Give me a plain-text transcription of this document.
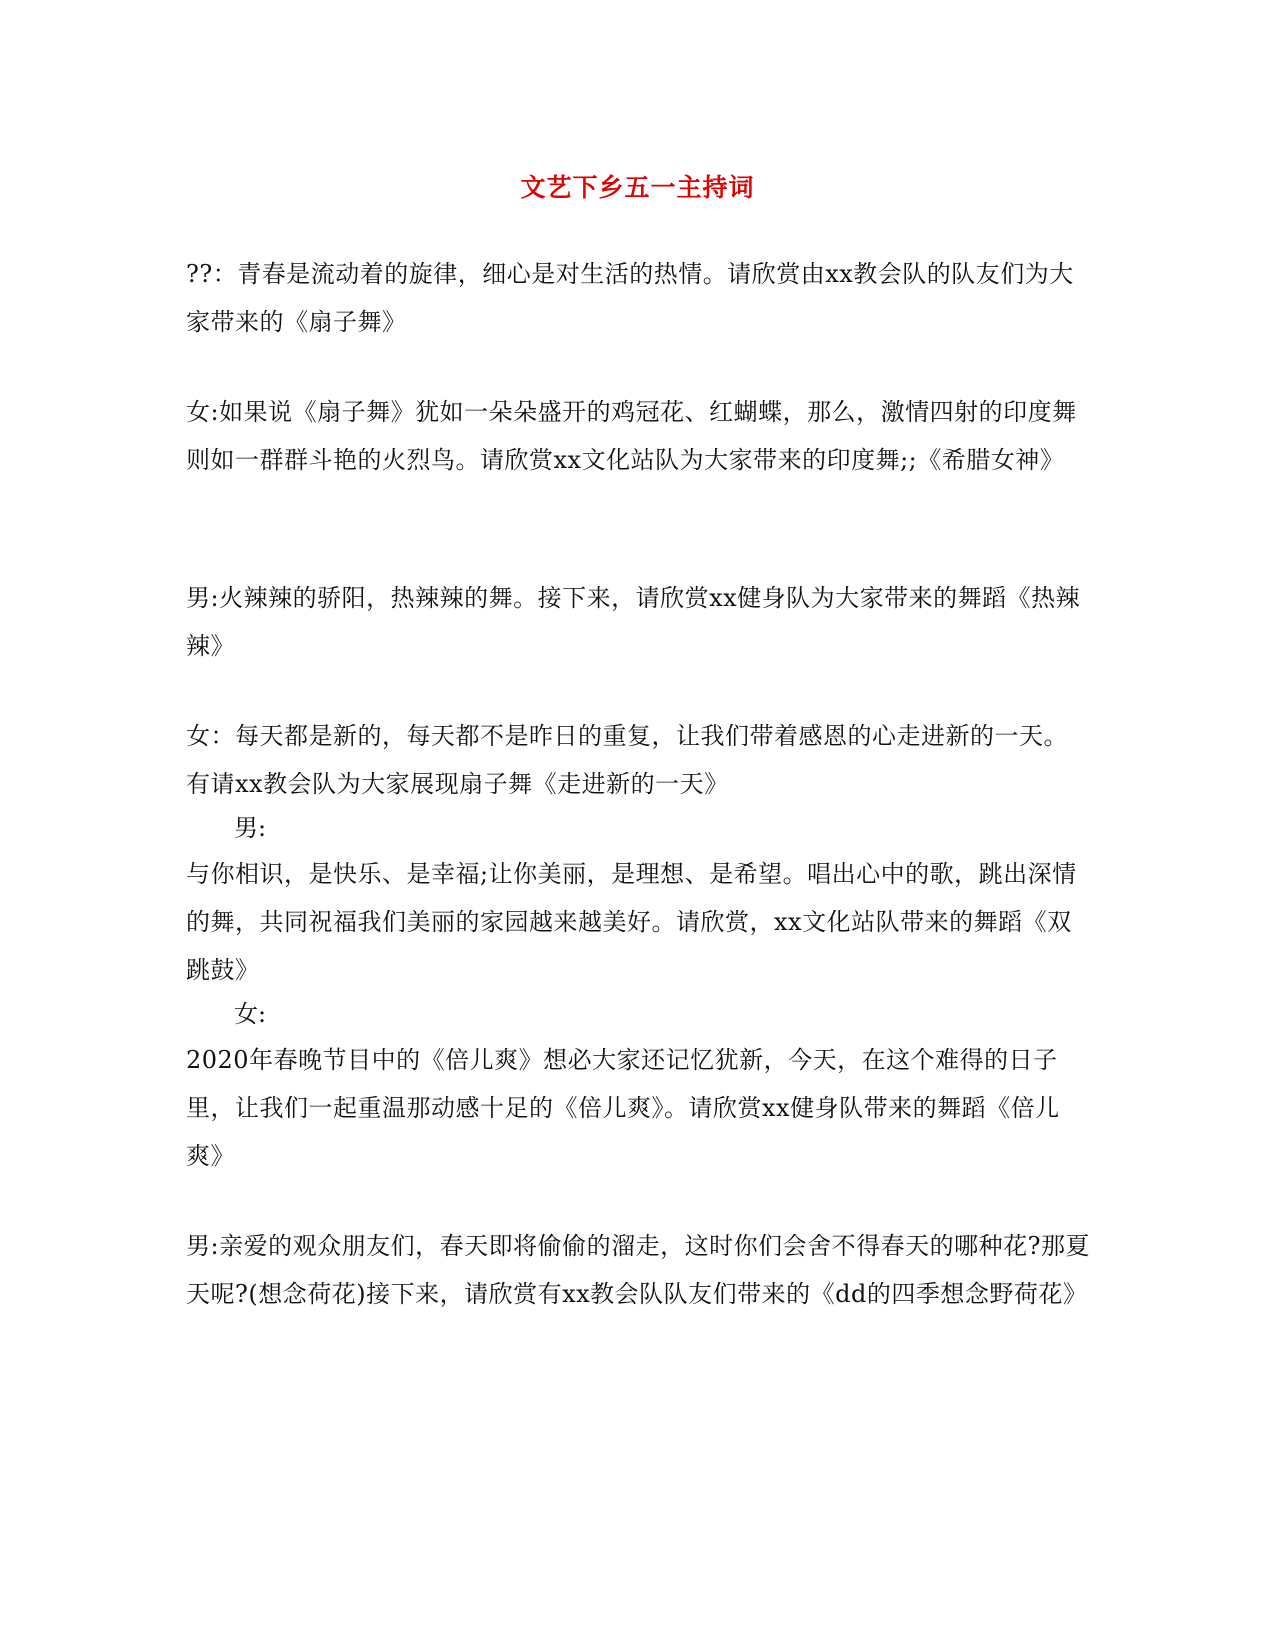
文艺下乡五一主持词

??：青春是流动着的旋律，细心是对生活的热情。请欣赏由xx教会队的队友们为大家带来的《扇子舞》

女:如果说《扇子舞》犹如一朵朵盛开的鸡冠花、红蝴蝶，那么，激情四射的印度舞则如一群群斗艳的火烈鸟。请欣赏xx文化站队为大家带来的印度舞;;《希腊女神》

男:火辣辣的骄阳，热辣辣的舞。接下来，请欣赏xx健身队为大家带来的舞蹈《热辣辣》

女：每天都是新的，每天都不是昨日的重复，让我们带着感恩的心走进新的一天。有请xx教会队为大家展现扇子舞《走进新的一天》

男:

与你相识，是快乐、是幸福;让你美丽，是理想、是希望。唱出心中的歌，跳出深情的舞，共同祝福我们美丽的家园越来越美好。请欣赏，xx文化站队带来的舞蹈《双跳鼓》

女:

2020年春晚节目中的《倍儿爽》想必大家还记忆犹新，今天，在这个难得的日子里，让我们一起重温那动感十足的《倍儿爽》。请欣赏xx健身队带来的舞蹈《倍儿爽》

男:亲爱的观众朋友们，春天即将偷偷的溜走，这时你们会舍不得春天的哪种花?那夏天呢?(想念荷花)接下来，请欣赏有xx教会队队友们带来的《dd的四季想念野荷花》
